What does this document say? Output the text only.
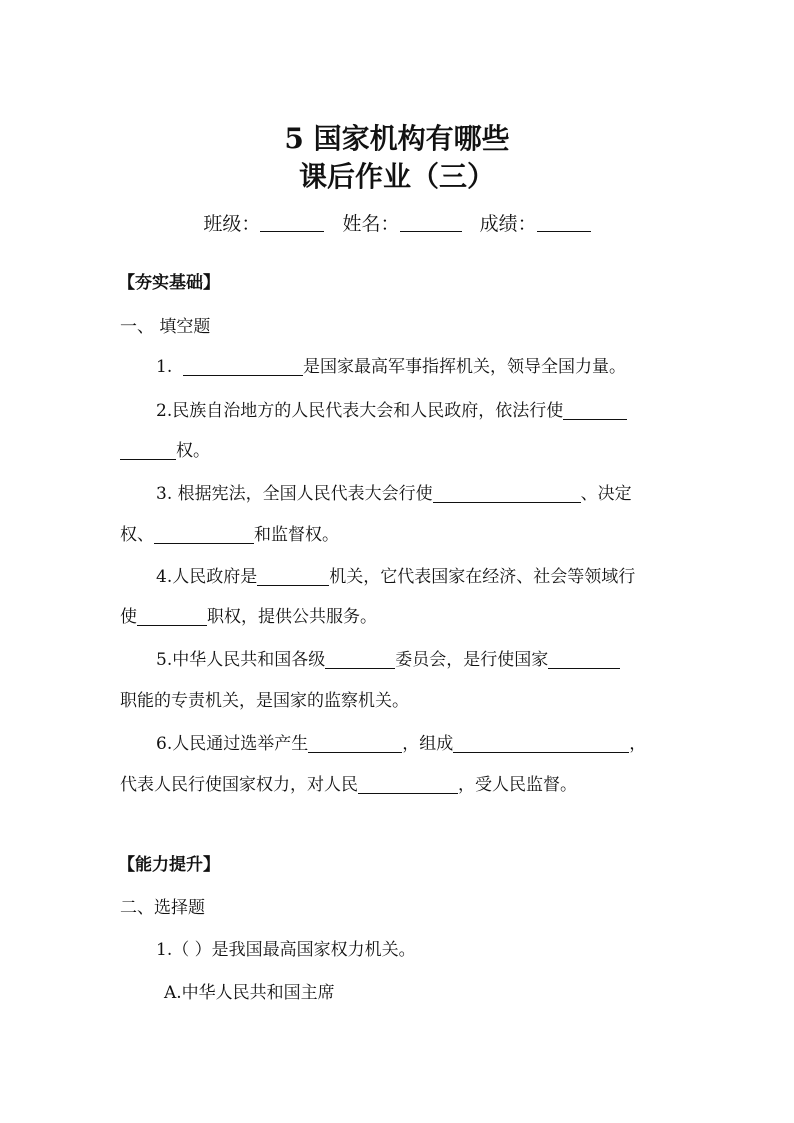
5 国家机构有哪些
课后作业（三）
班级：	姓名：	成绩：
【夯实基础】
一、 填空题
1.	是国家最高军事指挥机关，领导全国力量。
2.民族自治地方的人民代表大会和人民政府，依法行使
权。
3. 根据宪法，全国人民代表大会行使	、决定
权、	和监督权。
4.人民政府是	机关，它代表国家在经济、社会等领域行
使	职权，提供公共服务。
5.中华人民共和国各级	委员会，是行使国家
职能的专责机关，是国家的监察机关。
6.人民通过选举产生	，组成	，
代表人民行使国家权力，对人民	，受人民监督。
【能力提升】
二、选择题
1.（ ）是我国最高国家权力机关。
A.中华人民共和国主席
